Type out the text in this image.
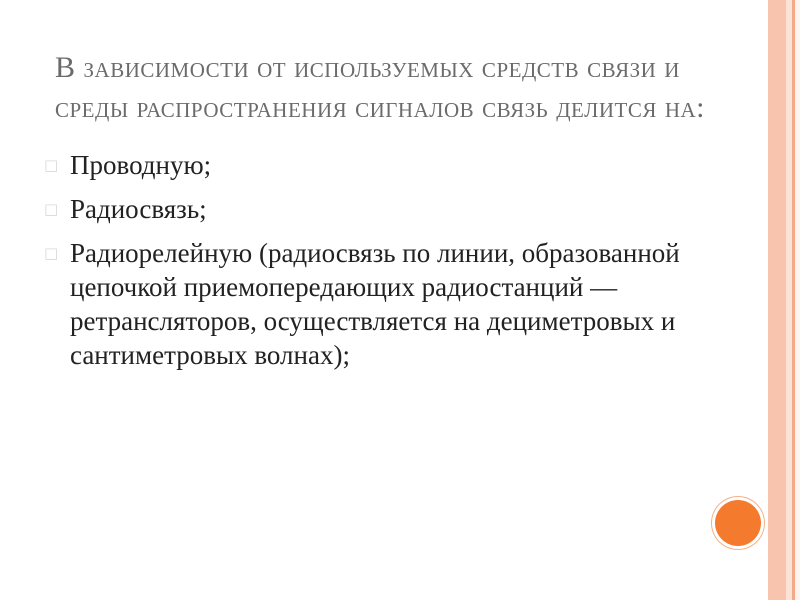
В зависимости от используемых средств связи и среды распространения сигналов связь делится на:
□ Проводную;
□ Радиосвязь;
□ Радиорелейную (радиосвязь по линии, образованной цепочкой приемопередающих радиостанций — ретрансляторов, осуществляется на дециметровых и сантиметровых волнах);
